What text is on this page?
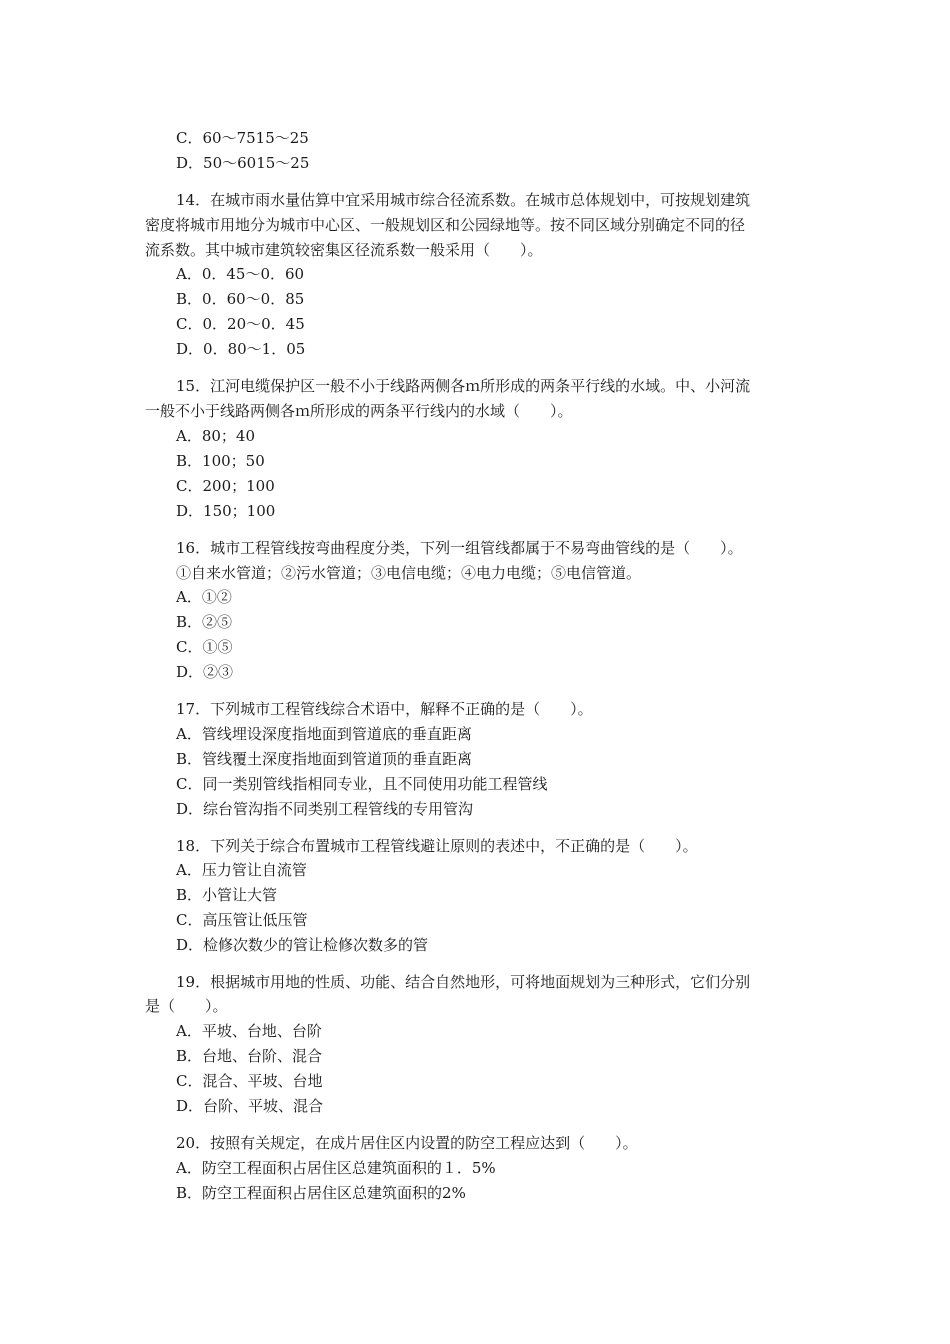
C．60～7515～25
D．50～6015～25
14．在城市雨水量估算中宜采用城市综合径流系数。在城市总体规划中，可按规划建筑
密度将城市用地分为城市中心区、一般规划区和公园绿地等。按不同区域分别确定不同的径
流系数。其中城市建筑较密集区径流系数一般采用（　　）。
A．0．45～0．60
B．0．60～0．85
C．0．20～0．45
D．0．80～1．05
15．江河电缆保护区一般不小于线路两侧各ｍ所形成的两条平行线的水域。中、小河流
一般不小于线路两侧各ｍ所形成的两条平行线内的水域（　　）。
A．80；40
B．100；50
C．200；100
D．150；100
16．城市工程管线按弯曲程度分类，下列一组管线都属于不易弯曲管线的是（　　）。
①自来水管道；②污水管道；③电信电缆；④电力电缆；⑤电信管道。
A．①②
B．②⑤
C．①⑤
D．②③
17．下列城市工程管线综合术语中，解释不正确的是（　　）。
A．管线埋设深度指地面到管道底的垂直距离
B．管线覆土深度指地面到管道顶的垂直距离
C．同一类别管线指相同专业，且不同使用功能工程管线
D．综台管沟指不同类别工程管线的专用管沟
18．下列关于综合布置城市工程管线避让原则的表述中，不正确的是（　　）。
A．压力管让自流管
B．小管让大管
C．高压管让低压管
D．检修次数少的管让检修次数多的管
19．根据城市用地的性质、功能、结合自然地形，可将地面规划为三种形式，它们分别
是（　　）。
A．平坡、台地、台阶
B．台地、台阶、混合
C．混合、平坡、台地
D．台阶、平坡、混合
20．按照有关规定，在成片居住区内设置的防空工程应达到（　　）。
A．防空工程面积占居住区总建筑面积的１．5%
B．防空工程面积占居住区总建筑面积的2%
